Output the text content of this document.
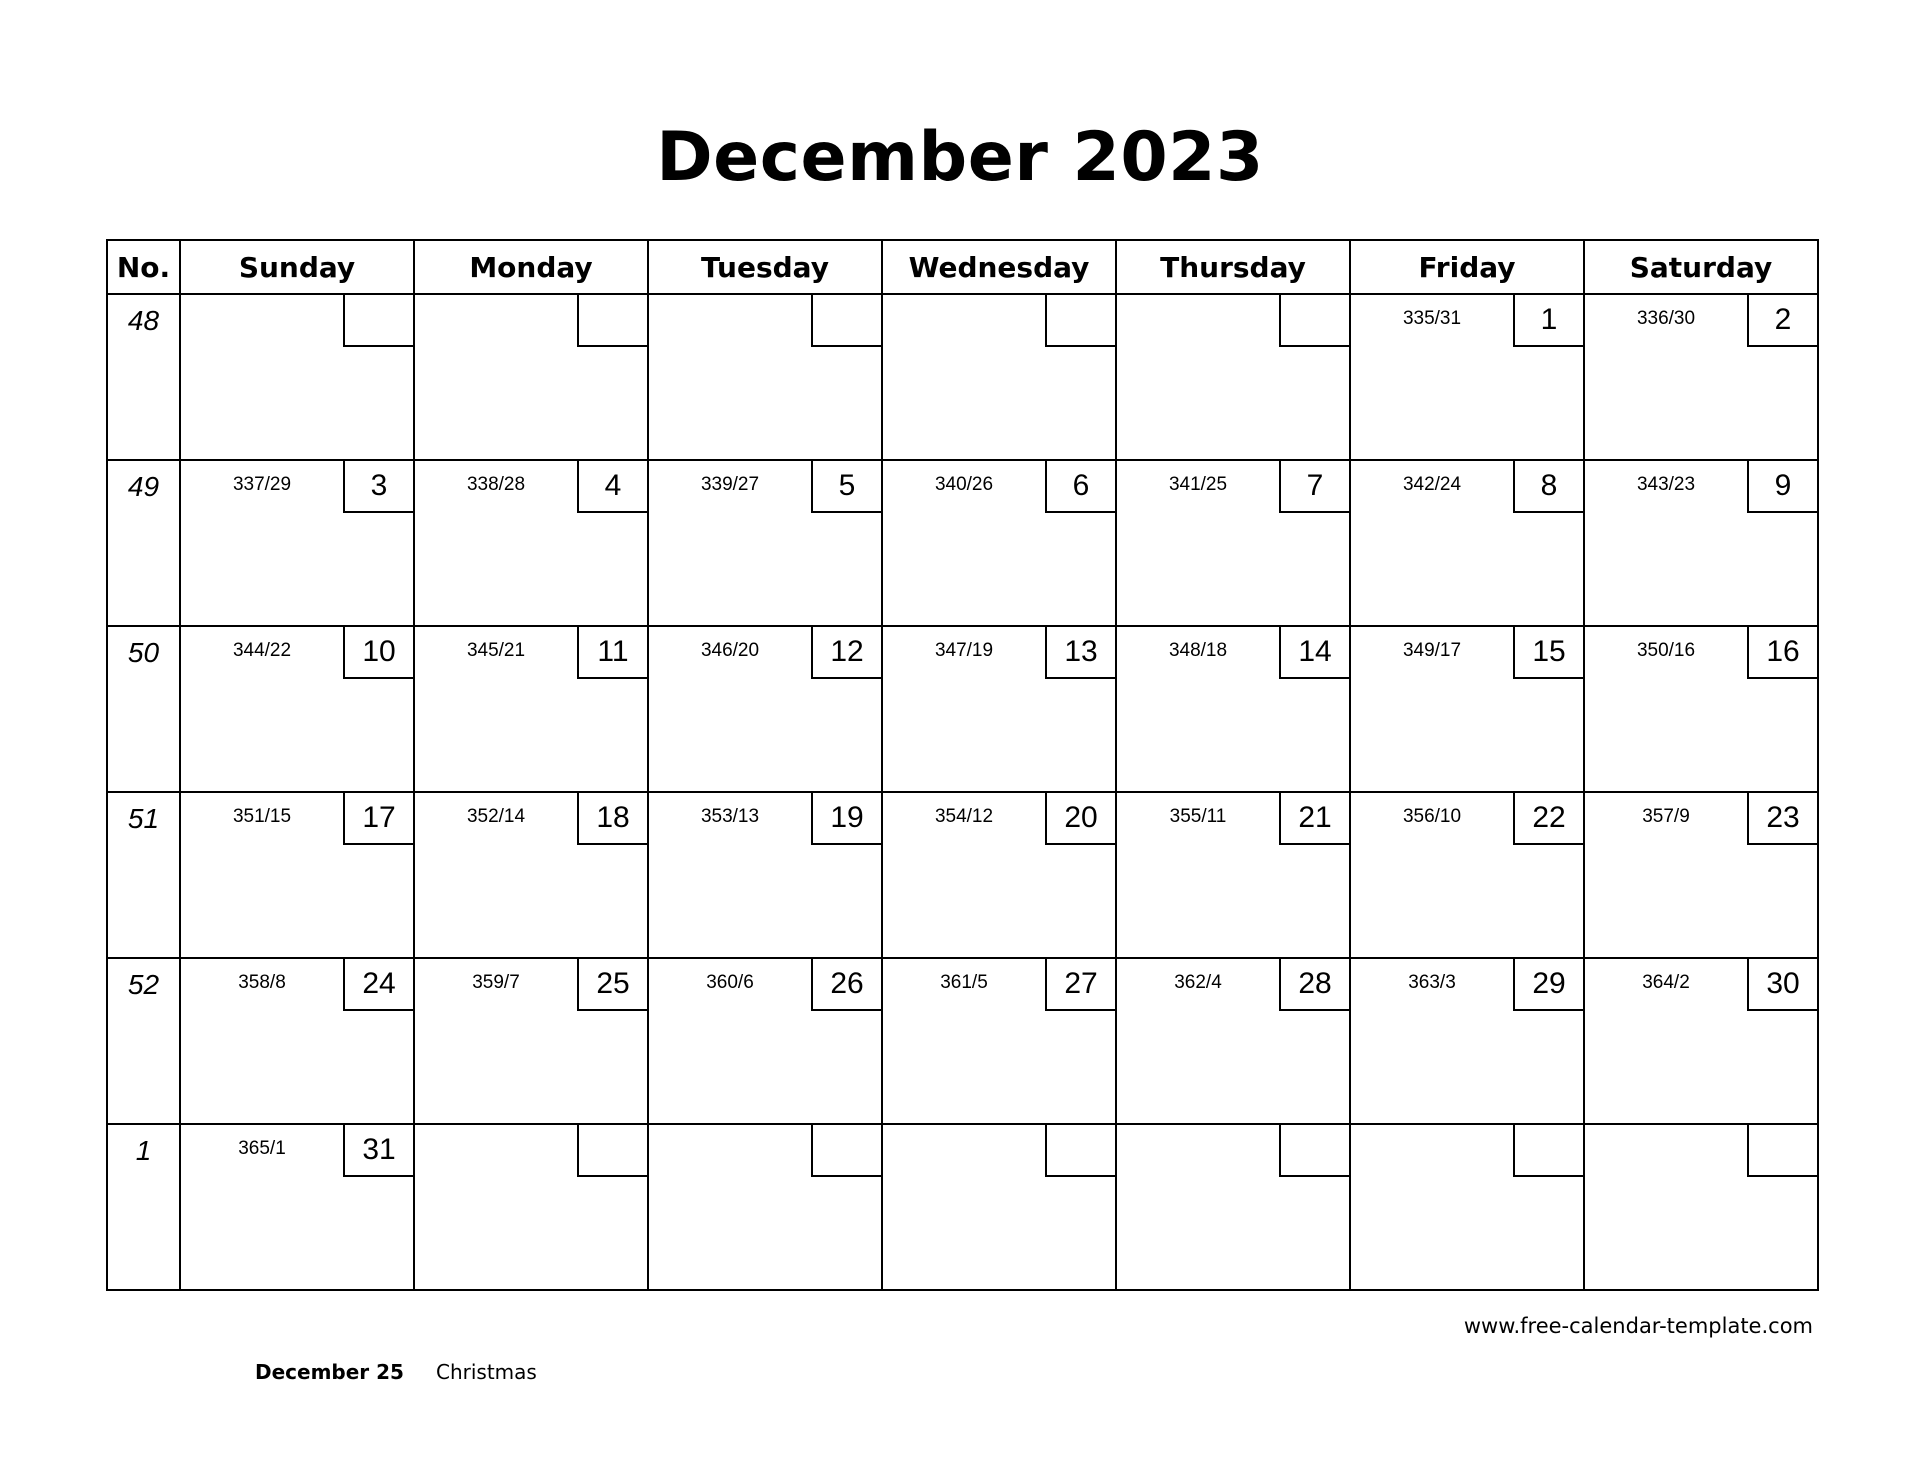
December 2023
No.	Sunday	Monday	Tuesday	Wednesday	Thursday	Friday	Saturday
48						335/31 1	336/30 2

49	337/29 3	338/28 4	339/27 5	340/26 6	341/25 7	342/24 8	343/23 9

50	344/22 10	345/21 11	346/20 12	347/19 13	348/18 14	349/17 15	350/16 16

51	351/15 17	352/14 18	353/13 19	354/12 20	355/11 21	356/10 22	357/9 23

52	358/8 24	359/7 25	360/6 26	361/5 27	362/4 28	363/3 29	364/2 30

1	365/1 31						

www.free-calendar-template.com
December 25 Christmas
